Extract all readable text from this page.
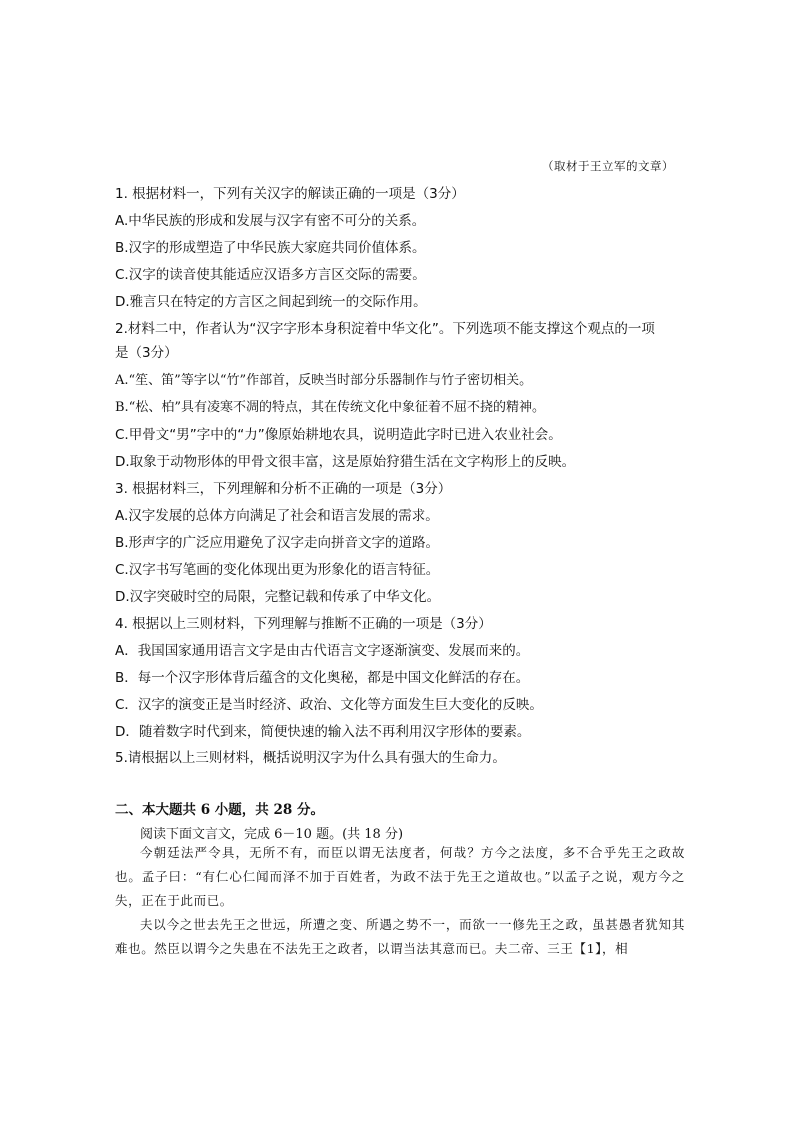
（取材于王立军的文章）
1. 根据材料一，下列有关汉字的解读正确的一项是（3分）
A.中华民族的形成和发展与汉字有密不可分的关系。
B.汉字的形成塑造了中华民族大家庭共同价值体系。
C.汉字的读音使其能适应汉语多方言区交际的需要。
D.雅言只在特定的方言区之间起到统一的交际作用。
2.材料二中，作者认为“汉字字形本身积淀着中华文化”。下列选项不能支撑这个观点的一项
是（3分）
A.“笙、笛”等字以“竹”作部首，反映当时部分乐器制作与竹子密切相关。
B.“松、柏”具有凌寒不凋的特点，其在传统文化中象征着不屈不挠的精神。
C.甲骨文“男”字中的“力”像原始耕地农具，说明造此字时已进入农业社会。
D.取象于动物形体的甲骨文很丰富，这是原始狩猎生活在文字构形上的反映。
3. 根据材料三，下列理解和分析不正确的一项是（3分）
A.汉字发展的总体方向满足了社会和语言发展的需求。
B.形声字的广泛应用避免了汉字走向拼音文字的道路。
C.汉字书写笔画的变化体现出更为形象化的语言特征。
D.汉字突破时空的局限，完整记载和传承了中华文化。
4. 根据以上三则材料，下列理解与推断不正确的一项是（3分）
A．我国国家通用语言文字是由古代语言文字逐渐演变、发展而来的。
B．每一个汉字形体背后蕴含的文化奥秘，都是中国文化鲜活的存在。
C．汉字的演变正是当时经济、政治、文化等方面发生巨大变化的反映。
D．随着数字时代到来，简便快速的输入法不再利用汉字形体的要素。
5.请根据以上三则材料，概括说明汉字为什么具有强大的生命力。
二、本大题共 6 小题，共 28 分。
阅读下面文言文，完成 6－10 题。(共 18 分)

今朝廷法严令具，无所不有，而臣以谓无法度者，何哉？方今之法度，多不合乎先王之政故也。孟子曰：“有仁心仁闻而泽不加于百姓者，为政不法于先王之道故也。”以孟子之说，观方今之失，正在于此而已。

夫以今之世去先王之世远，所遭之变、所遇之势不一，而欲一一修先王之政，虽甚愚者犹知其难也。然臣以谓今之失患在不法先王之政者，以谓当法其意而已。夫二帝、三王【1】，相
